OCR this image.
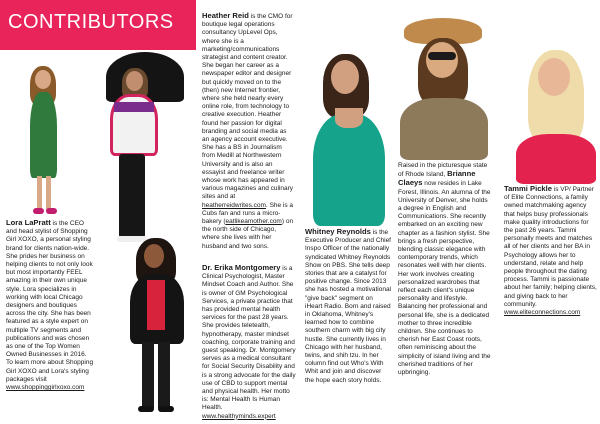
CONTRIBUTORS
Lora LaPratt is the CEO and head stylist of Shopping Girl XOXO, a personal styling brand for clients nation-wide. She prides her business on helping clients to not only look but most importantly FEEL amazing in their own unique style. Lora specializes in working with local Chicago designers and boutiques across the city. She has been featured as a style expert on multiple TV segments and publications and was chosen as one of the Top Women Owned Businesses in 2016. To learn more about Shopping Girl XOXO and Lora's styling packages visit
www.shoppinggirlxoxo.com
Heather Reid is the CMO for boutique legal operations consultancy UpLevel Ops, where she is a marketing/communications strategist and content creator. She began her career as a newspaper editor and designer but quickly moved on to the (then) new Internet frontier, where she held nearly every online role, from technology to creative execution. Heather found her passion for digital branding and social media as an agency account executive. She has a BS in Journalism from Medill at Northwestern University and is also an essayist and freelance writer whose work has appeared in various magazines and culinary sites and at heatherreidwrites.com. She is a Cubs fan and runs a micro-bakery (eatlikeamother.com) on the north side of Chicago, where she lives with her husband and two sons.
Dr. Erika Montgomery is a Clinical Psychologist, Master Mindset Coach and Author. She is owner of GM Psychological Services, a private practice that has provided mental health services for the past 28 years. She provides teletealth, hypnotherapy, master mindset coaching, corporate training and guest speaking. Dr. Montgomery serves as a medical consultant for Social Security Disability and is a strong advocate for the daily use of CBD to support mental and physical health. Her motto is: Mental Health Is Human Health.
www.healthyminds.expert
Whitney Reynolds is the Executive Producer and Chief Inspo Officer of the nationally syndicated Whitney Reynolds Show on PBS. She tells deep stories that are a catalyst for positive change. Since 2013 she has hosted a motivational "give back" segment on iHeart Radio. Born and raised in Oklahoma, Whitney's learned how to combine southern charm with big city hustle. She currently lives in Chicago with her husband, twins, and shih tzu. In her column find out Who's With Whit and join and discover the hope each story holds.
Raised in the picturesque state of Rhode Island, Brianne Claeys now resides in Lake Forest, Illinois. An alumna of the University of Denver, she holds a degree in English and Communications. She recently embarked on an exciting new chapter as a fashion stylist. She brings a fresh perspective, blending classic elegance with contemporary trends, which resonates well with her clients. Her work involves creating personalized wardrobes that reflect each client's unique personality and lifestyle. Balancing her professional and personal life, she is a dedicated mother to three incredible children. She continues to cherish her East Coast roots, often reminiscing about the simplicity of island living and the cherished traditions of her upbringing.
Tammi Pickle is VP/ Partner of Elite Connections, a family owned matchmaking agency that helps busy professionals make quality introductions for the past 26 years. Tammi personally meets and matches all of her clients and her BA in Psychology allows her to understand, relate and help people throughout the dating process. Tammi is passionate about her family; helping clients, and giving back to her community.
www.eliteconnections.com
